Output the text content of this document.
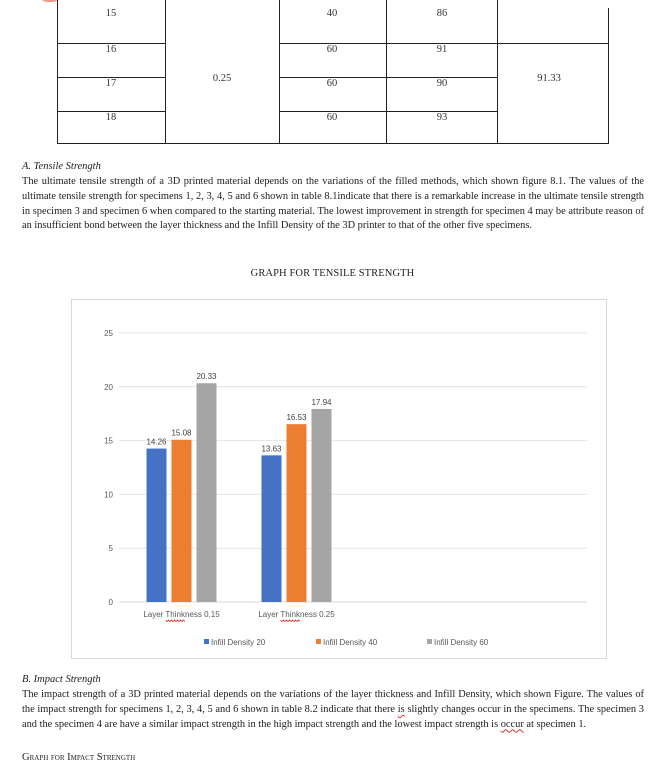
15	40	86
16	60	91
17	60	90
18	60	93
0.25	91.33
A. Tensile Strength
The ultimate tensile strength of a 3D printed material depends on the variations of the filled methods, which shown figure 8.1. The values of the ultimate tensile strength for specimens 1, 2, 3, 4, 5 and 6 shown in table 8.1indicate that there is a remarkable increase in the ultimate tensile strength in specimen 3 and specimen 6 when compared to the starting material. The lowest improvement in strength for specimen 4 may be attribute reason of an insufficient bond between the layer thickness and the Infill Density of the 3D printer to that of the other five specimens.
GRAPH FOR TENSILE STRENGTH
0
5
10
15
20
25
14.26
15.08
20.33
Layer Thinkness 0.15
13.63
16.53
17.94
Layer Thinkness 0.25
Infill Density 20	Infill Density 40	Infill Density 60
B. Impact Strength
The impact strength of a 3D printed material depends on the variations of the layer thickness and Infill Density, which shown Figure. The values of the impact strength for specimens 1, 2, 3, 4, 5 and 6 shown in table 8.2 indicate that there is slightly changes occur in the specimens. The specimen 3 and the specimen 4 are have a similar impact strength in the high impact strength and the lowest impact strength is occur at specimen 1.
Graph for Impact Strength
